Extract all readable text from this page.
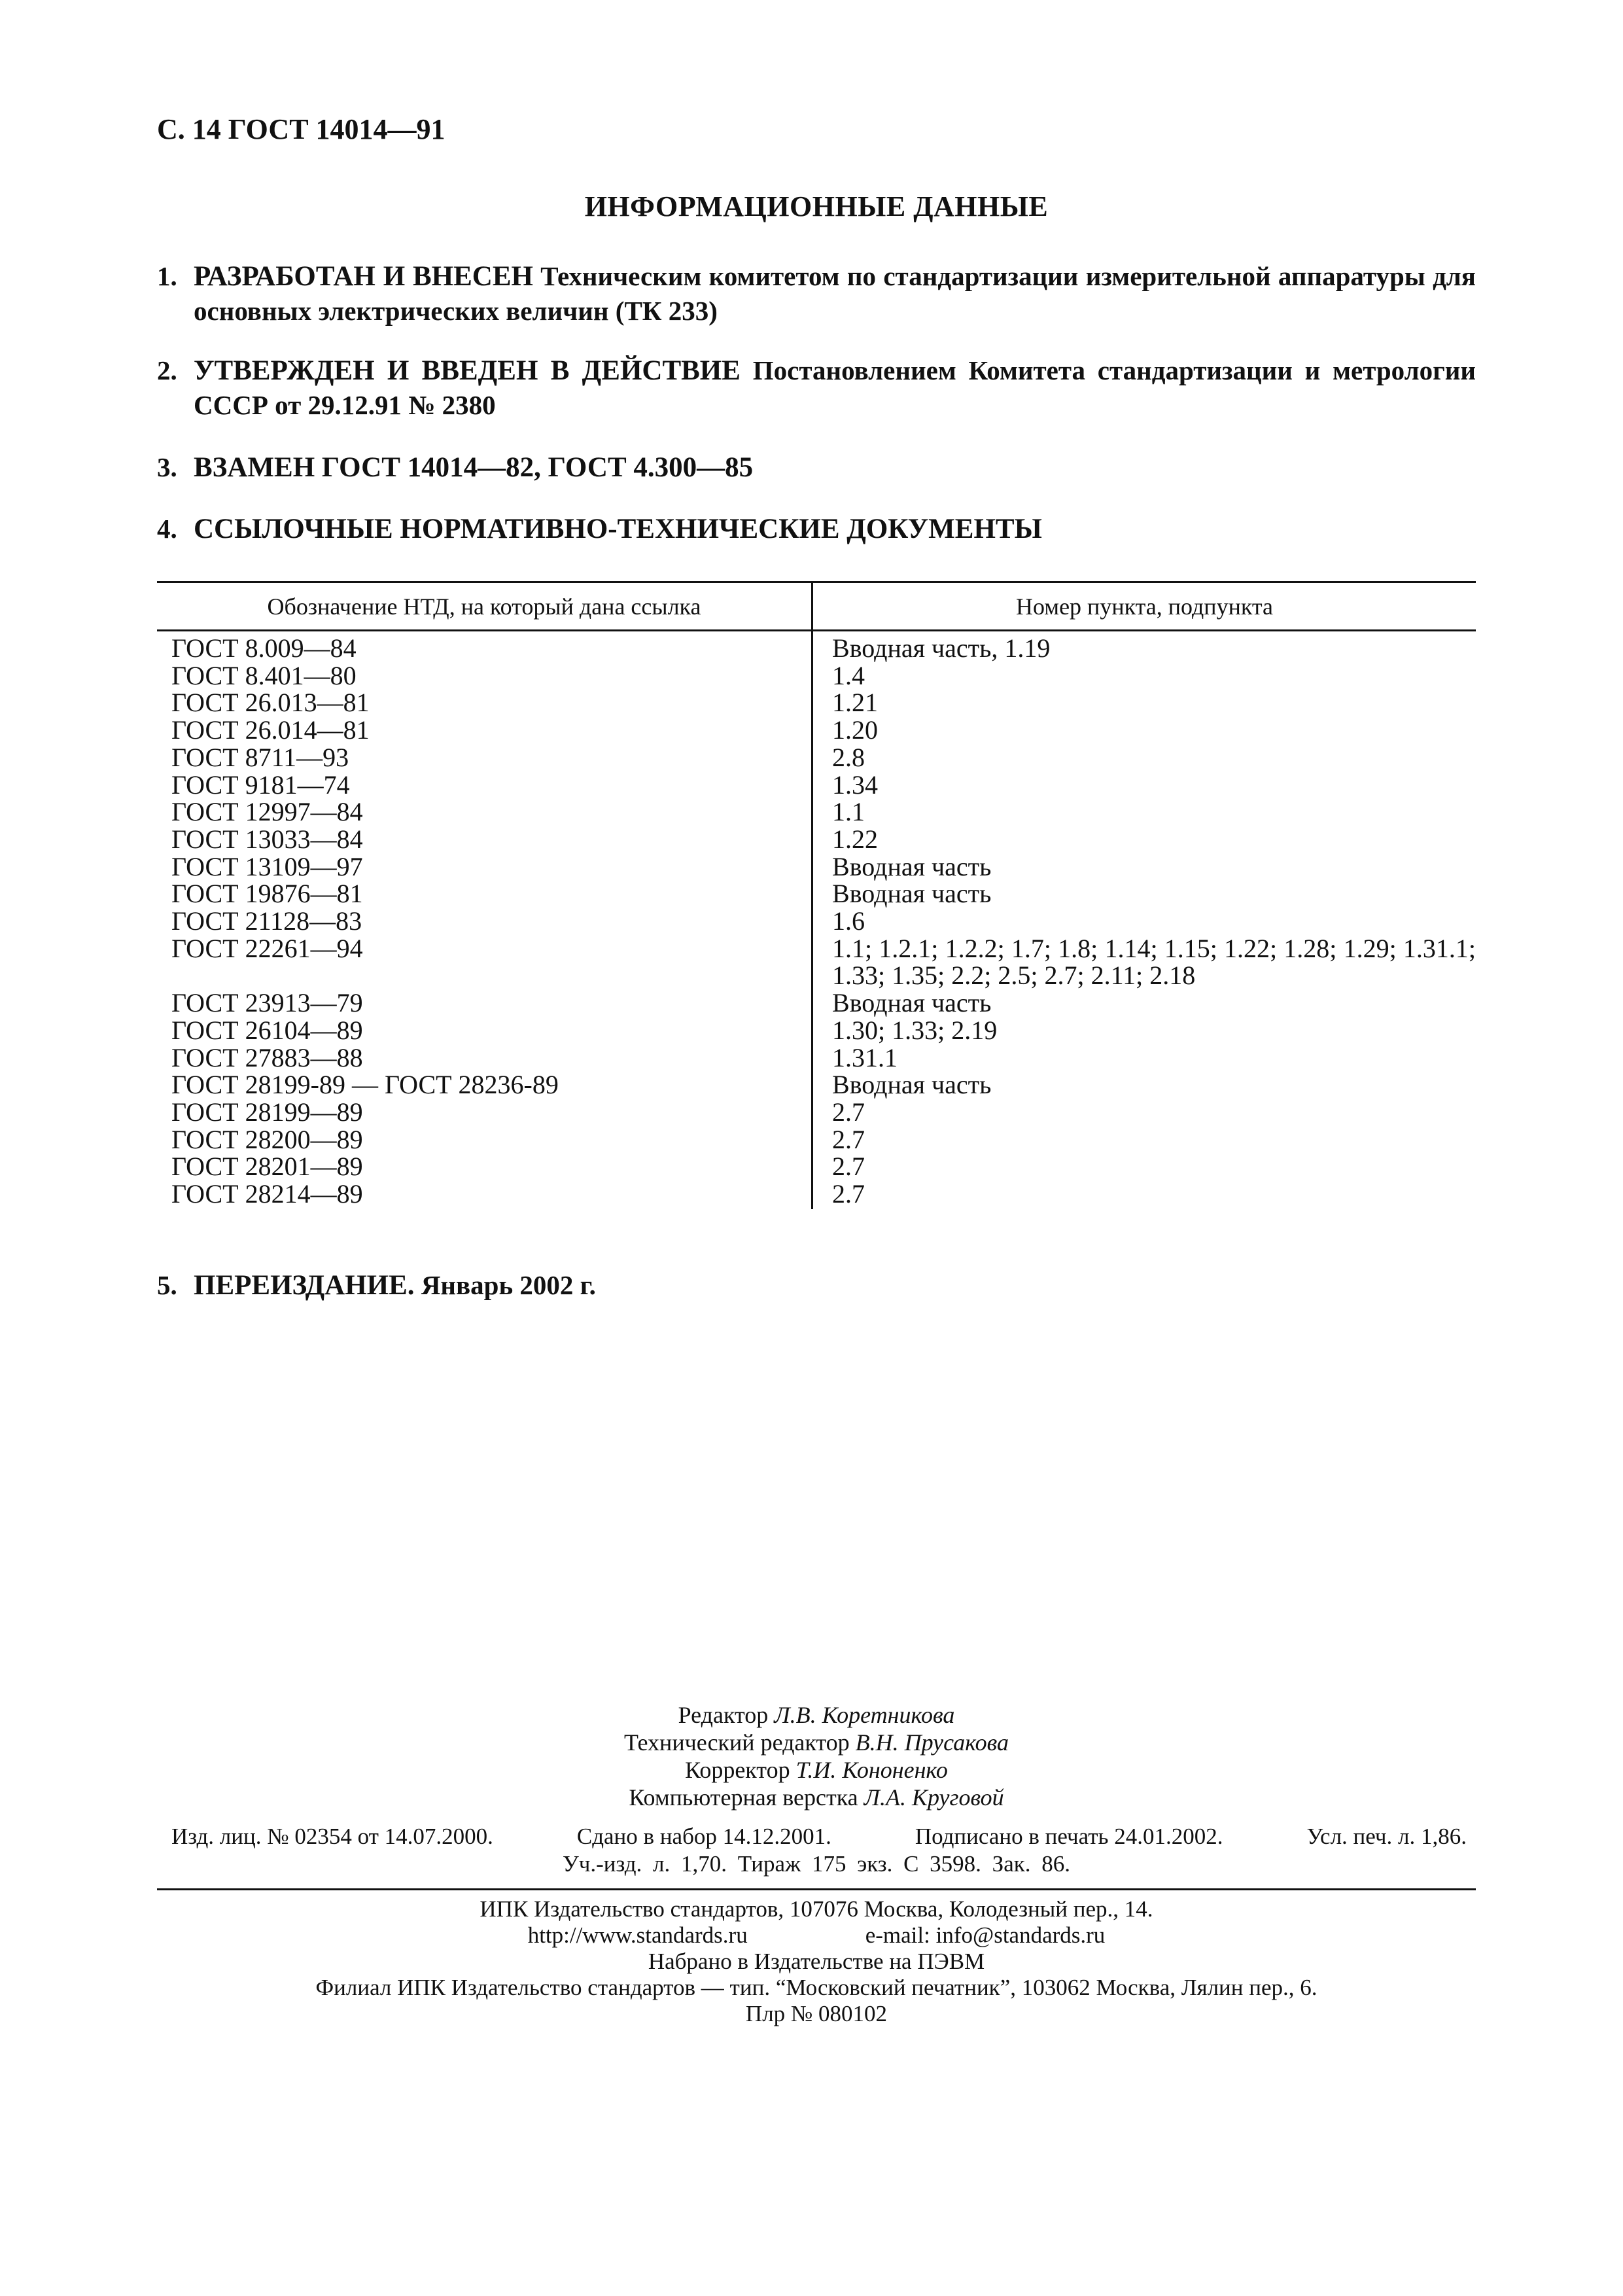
С. 14 ГОСТ 14014—91
ИНФОРМАЦИОННЫЕ ДАННЫЕ
1. РАЗРАБОТАН И ВНЕСЕН Техническим комитетом по стандартизации измерительной аппаратуры для основных электрических величин (ТК 233)
2. УТВЕРЖДЕН И ВВЕДЕН В ДЕЙСТВИЕ Постановлением Комитета стандартизации и метрологии СССР от 29.12.91 № 2380
3. ВЗАМЕН ГОСТ 14014—82, ГОСТ 4.300—85
4. ССЫЛОЧНЫЕ НОРМАТИВНО-ТЕХНИЧЕСКИЕ ДОКУМЕНТЫ
Обозначение НТД, на который дана ссылка	Номер пункта, подпункта
ГОСТ 8.009—84	Вводная часть, 1.19
ГОСТ 8.401—80	1.4
ГОСТ 26.013—81	1.21
ГОСТ 26.014—81	1.20
ГОСТ 8711—93	2.8
ГОСТ 9181—74	1.34
ГОСТ 12997—84	1.1
ГОСТ 13033—84	1.22
ГОСТ 13109—97	Вводная часть
ГОСТ 19876—81	Вводная часть
ГОСТ 21128—83	1.6
ГОСТ 22261—94	1.1; 1.2.1; 1.2.2; 1.7; 1.8; 1.14; 1.15; 1.22; 1.28; 1.29; 1.31.1; 1.33; 1.35; 2.2; 2.5; 2.7; 2.11; 2.18
ГОСТ 23913—79	Вводная часть
ГОСТ 26104—89	1.30; 1.33; 2.19
ГОСТ 27883—88	1.31.1
ГОСТ 28199-89 — ГОСТ 28236-89	Вводная часть
ГОСТ 28199—89	2.7
ГОСТ 28200—89	2.7
ГОСТ 28201—89	2.7
ГОСТ 28214—89	2.7
5. ПЕРЕИЗДАНИЕ. Январь 2002 г.
Редактор Л.В. Коретникова
Технический редактор В.Н. Прусакова
Корректор Т.И. Кононенко
Компьютерная верстка Л.А. Круговой
Изд. лиц. № 02354 от 14.07.2000.	Сдано в набор 14.12.2001.	Подписано в печать 24.01.2002.	Усл. печ. л. 1,86.
Уч.-изд. л. 1,70. Тираж 175 экз. С 3598. Зак. 86.
ИПК Издательство стандартов, 107076 Москва, Колодезный пер., 14.
http://www.standards.ru	e-mail: info@standards.ru
Набрано в Издательстве на ПЭВМ
Филиал ИПК Издательство стандартов — тип. “Московский печатник”, 103062 Москва, Лялин пер., 6.
Плр № 080102
